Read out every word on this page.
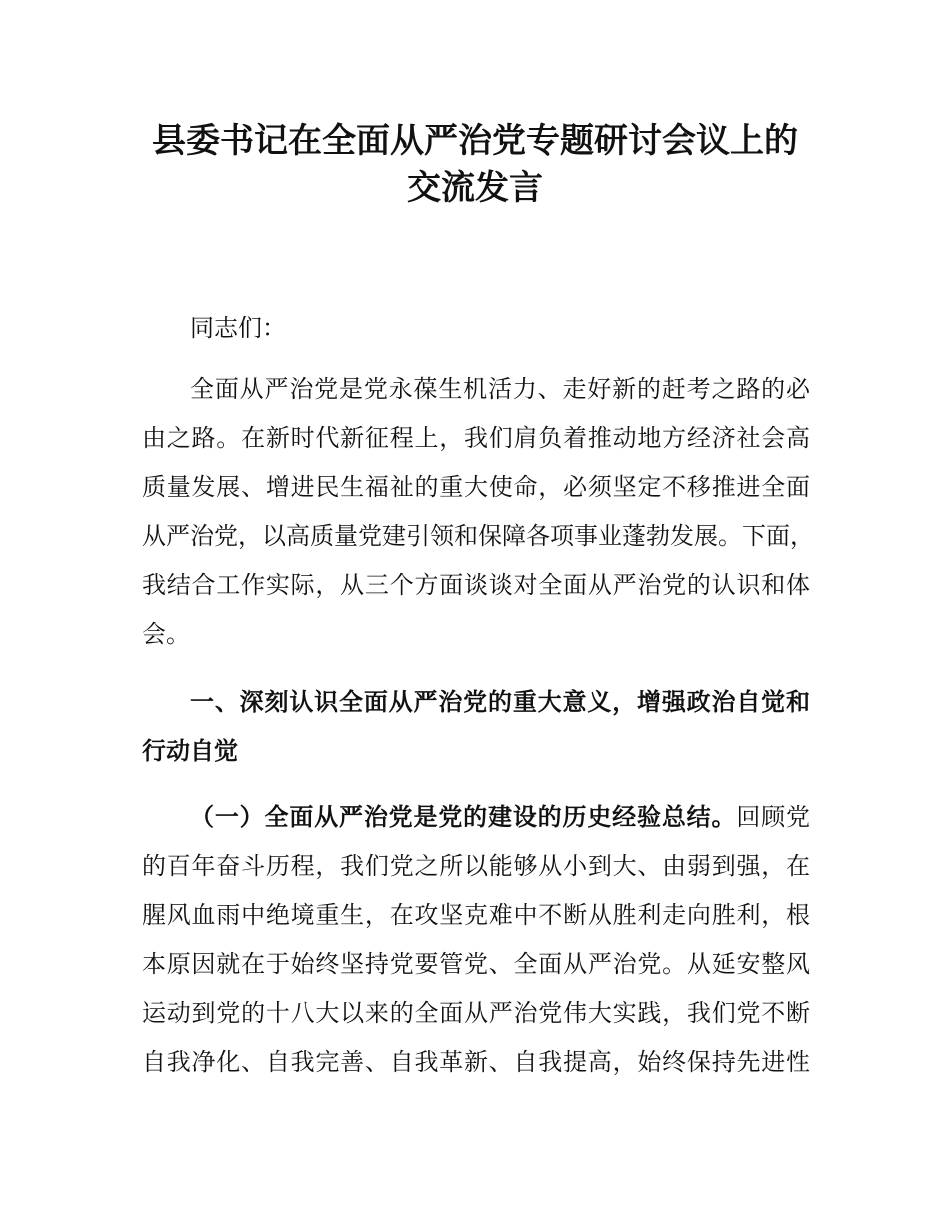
县委书记在全面从严治党专题研讨会议上的
交流发言
同志们：
全面从严治党是党永葆生机活力、走好新的赶考之路的必
由之路。在新时代新征程上，我们肩负着推动地方经济社会高
质量发展、增进民生福祉的重大使命，必须坚定不移推进全面
从严治党，以高质量党建引领和保障各项事业蓬勃发展。下面，
我结合工作实际，从三个方面谈谈对全面从严治党的认识和体
会。
一、深刻认识全面从严治党的重大意义，增强政治自觉和
行动自觉
（一）全面从严治党是党的建设的历史经验总结。回顾党
的百年奋斗历程，我们党之所以能够从小到大、由弱到强，在
腥风血雨中绝境重生，在攻坚克难中不断从胜利走向胜利，根
本原因就在于始终坚持党要管党、全面从严治党。从延安整风
运动到党的十八大以来的全面从严治党伟大实践，我们党不断
自我净化、自我完善、自我革新、自我提高，始终保持先进性
